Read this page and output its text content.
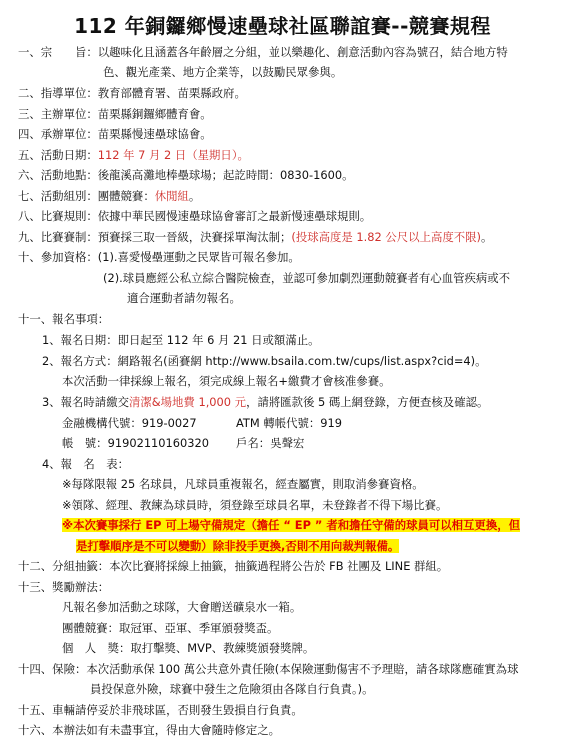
112 年銅鑼鄉慢速壘球社區聯誼賽--競賽規程
一、宗　　旨：以趣味化且涵蓋各年齡層之分組，並以樂趣化、創意活動內容為號召，結合地方特
色、觀光產業、地方企業等，以鼓勵民眾參與。
二、指導單位：教育部體育署、苗栗縣政府。
三、主辦單位：苗栗縣銅鑼鄉體育會。
四、承辦單位：苗栗縣慢速壘球協會。
五、活動日期：112 年 7 月 2 日（星期日）。
六、活動地點：後龍溪高灘地棒壘球場；起訖時間：0830-1600。
七、活動組別：團體競賽：休閒組。
八、比賽規則：依據中華民國慢速壘球協會審訂之最新慢速壘球規則。
九、比賽賽制：預賽採三取一晉級，決賽採單淘汰制；(投球高度是 1.82 公尺以上高度不限)。
十、參加資格：(1).喜愛慢壘運動之民眾皆可報名參加。
(2).球員應經公私立綜合醫院檢查，並認可參加劇烈運動競賽者有心血管疾病或不
適合運動者請勿報名。
十一、報名事項：
1、報名日期：即日起至 112 年 6 月 21 日或額滿止。
2、報名方式：網路報名(函賽網 http://www.bsaila.com.tw/cups/list.aspx?cid=4)。
本次活動一律採線上報名，須完成線上報名+繳費才會核准參賽。
3、報名時請繳交清潔&場地費 1,000 元，請將匯款後 5 碼上網登錄，方便查核及確認。
金融機構代號：919-0027	ATM 轉帳代號：919
帳　號：91902110160320 戶名：吳聲宏
4、報　名　表：
※每隊限報 25 名球員，凡球員重複報名，經查屬實，則取消參賽資格。
※領隊、經理、教練為球員時，須登錄至球員名單，未登錄者不得下場比賽。
※本次賽事採行 EP 可上場守備規定（擔任 “ EP ” 者和擔任守備的球員可以相互更換，但
是打擊順序是不可以變動）除非投手更換,否則不用向裁判報備。
十二、分組抽籤：本次比賽將採線上抽籤，抽籤過程將公告於 FB 社團及 LINE 群組。
十三、獎勵辦法：
凡報名參加活動之球隊，大會贈送礦泉水一箱。
團體競賽：取冠軍、亞軍、季軍頒發獎盃。
個　人　獎：取打擊獎、MVP、教練獎頒發獎牌。
十四、保險：本次活動承保 100 萬公共意外責任險(本保險運動傷害不予理賠，請各球隊應確實為球
員投保意外險，球賽中發生之危險須由各隊自行負責。)。
十五、車輛請停妥於非飛球區，否則發生毀損自行負責。
十六、本辦法如有未盡事宜，得由大會隨時修定之。
